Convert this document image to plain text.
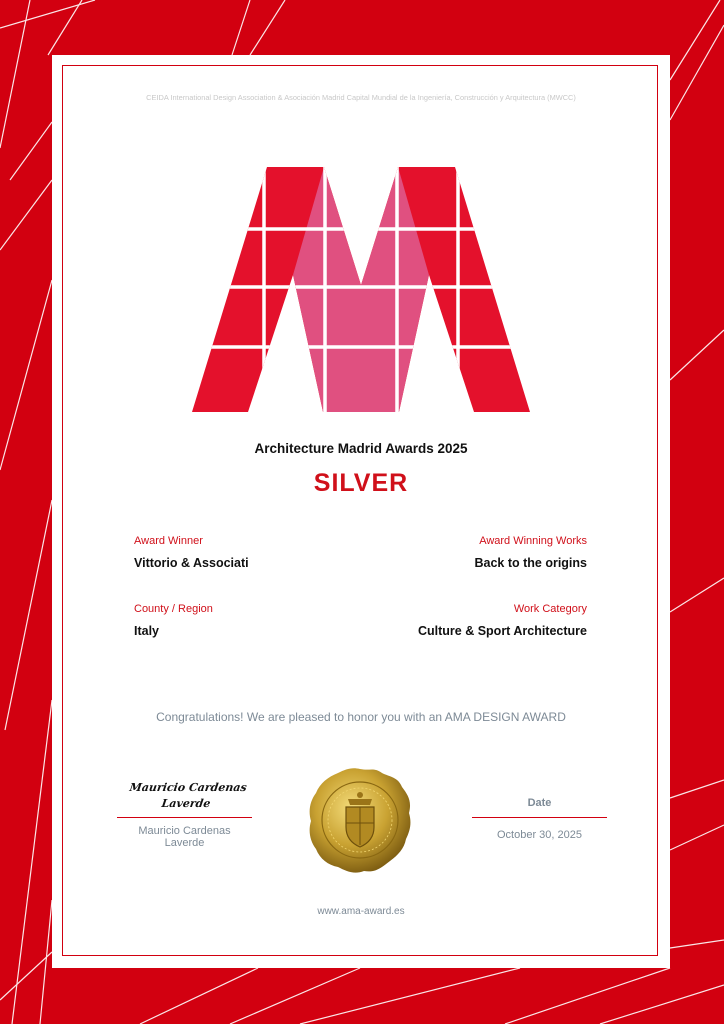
CEIDA International Design Association & Asociación Madrid Capital Mundial de la Ingeniería, Construcción y Arquitectura (MWCC)
Architecture Madrid Awards 2025
SILVER
Award Winner
Vittorio & Associati
Award Winning Works
Back to the origins
County / Region
Italy
Work Category
Culture & Sport Architecture
Congratulations! We are pleased to honor you with an AMA DESIGN AWARD
Mauricio Cardenas
Laverde
Mauricio Cardenas
Laverde
Date
October 30, 2025
www.ama-award.es
